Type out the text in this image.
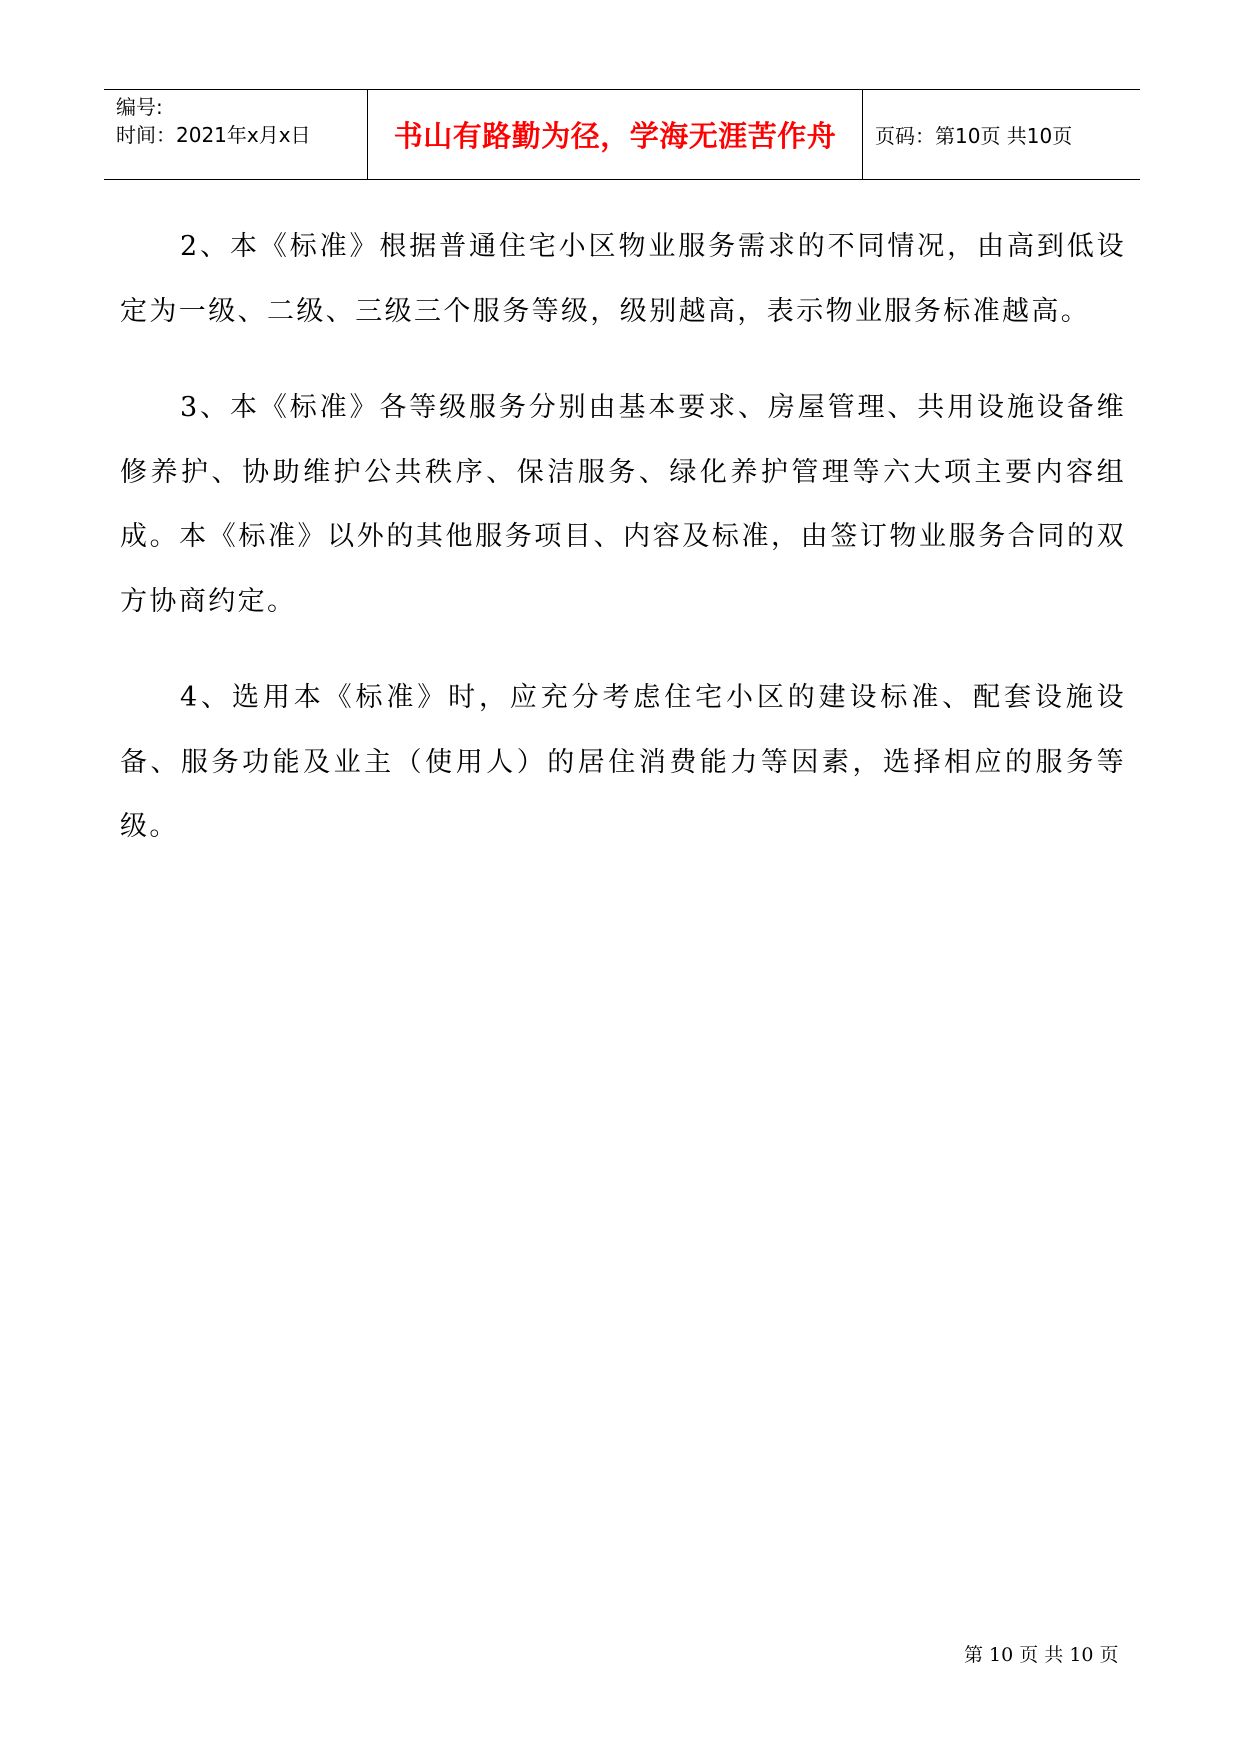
编号:
时间：2021年x月x日	书山有路勤为径，学海无涯苦作舟 页码：第10页 共10页

2、本《标准》根据普通住宅小区物业服务需求的不同情况，由高到低设定为一级、二级、三级三个服务等级，级别越高，表示物业服务标准越高。

3、本《标准》各等级服务分别由基本要求、房屋管理、共用设施设备维修养护、协助维护公共秩序、保洁服务、绿化养护管理等六大项主要内容组成。本《标准》以外的其他服务项目、内容及标准，由签订物业服务合同的双方协商约定。

4、选用本《标准》时，应充分考虑住宅小区的建设标准、配套设施设备、服务功能及业主（使用人）的居住消费能力等因素，选择相应的服务等级。

第 10 页 共 10 页
